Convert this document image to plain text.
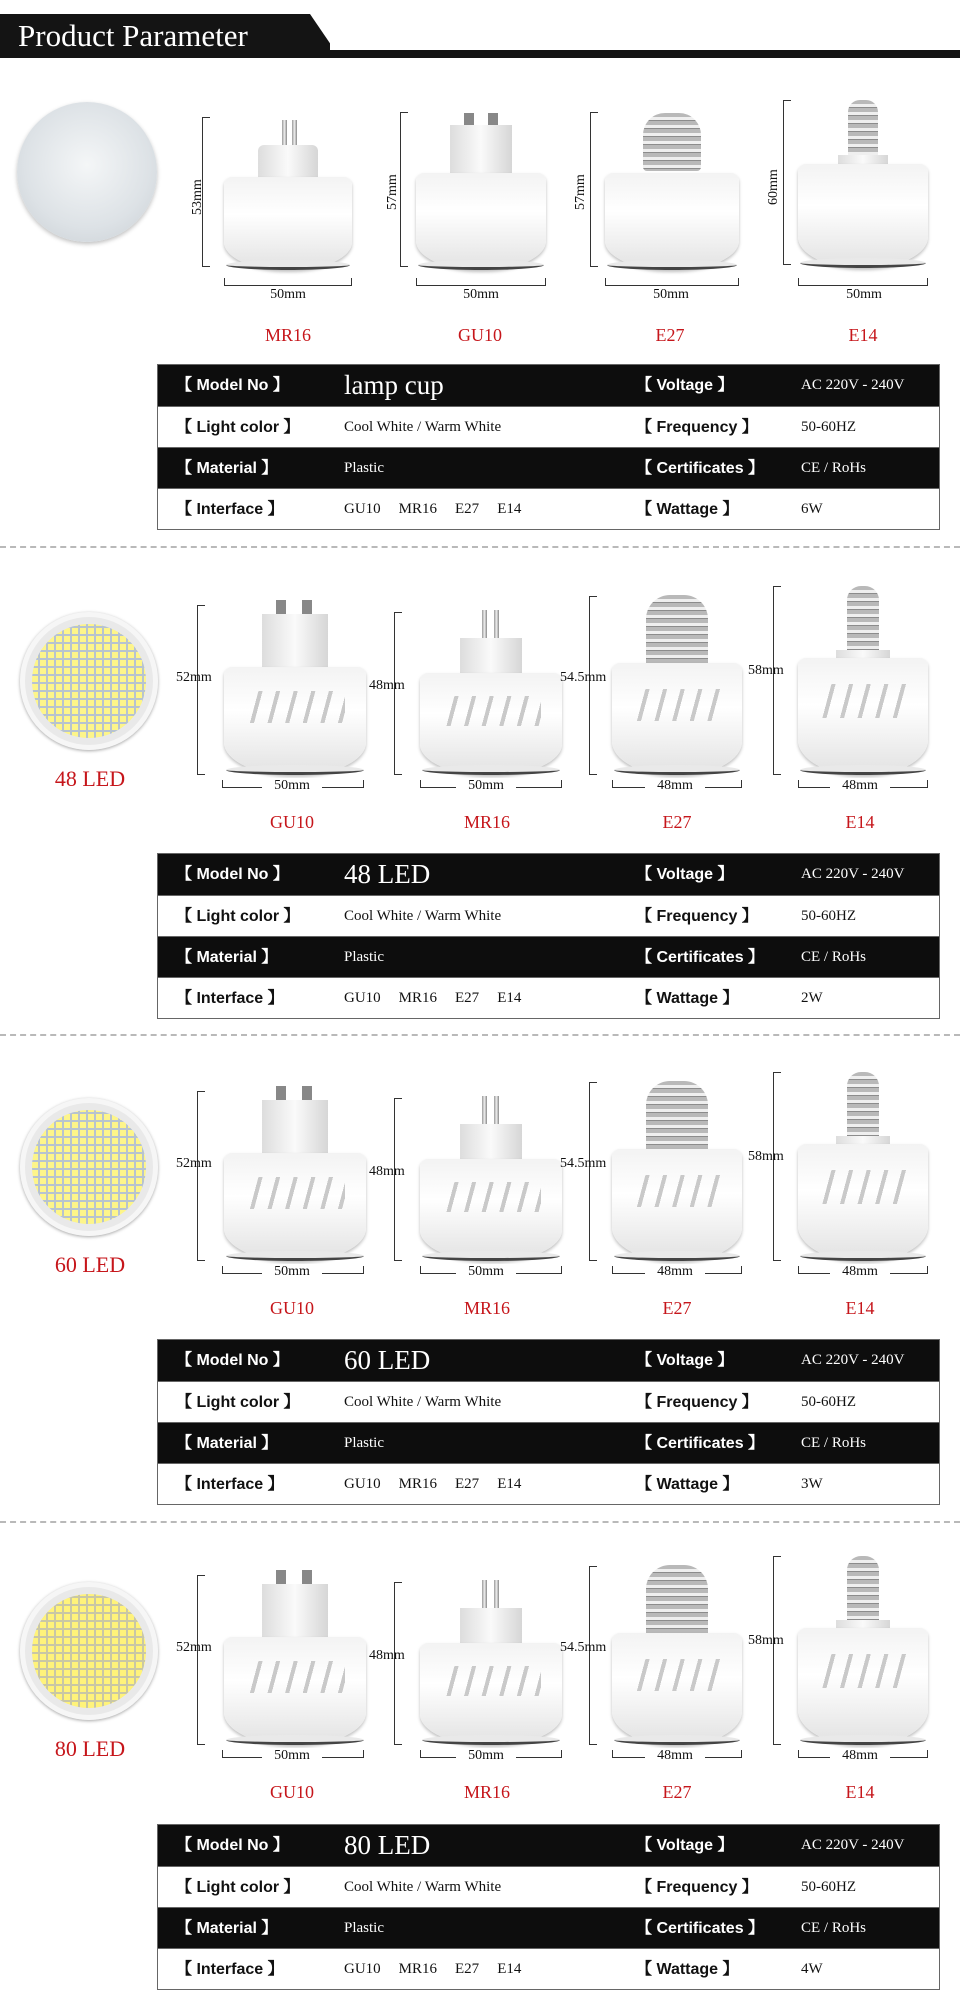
Product Parameter
53mm
50mm
MR16
57mm
50mm
GU10
57mm
50mm
E27
60mm
50mm
E14
【 Model No 】 lamp cup	【 Voltage 】	AC 220V - 240V
【 Light color 】	Cool White / Warm White	【 Frequency 】	50-60HZ
【 Material 】	Plastic	【 Certificates 】 CE / RoHs
【 Interface 】	GU10 MR16 E27 E14	【 Wattage 】	6W
48 LED
52mm
50mm
GU10
48mm
50mm
MR16
54.5mm
48mm
E27
58mm
48mm
E14
【 Model No 】 48 LED	【 Voltage 】	AC 220V - 240V
【 Light color 】	Cool White / Warm White	【 Frequency 】	50-60HZ
【 Material 】	Plastic	【 Certificates 】 CE / RoHs
【 Interface 】	GU10 MR16 E27 E14	【 Wattage 】	2W
60 LED
52mm
50mm
GU10
48mm
50mm
MR16
54.5mm
48mm
E27
58mm
48mm
E14
【 Model No 】 60 LED	【 Voltage 】	AC 220V - 240V
【 Light color 】	Cool White / Warm White	【 Frequency 】	50-60HZ
【 Material 】	Plastic	【 Certificates 】 CE / RoHs
【 Interface 】	GU10 MR16 E27 E14	【 Wattage 】	3W
80 LED
52mm
50mm
GU10
48mm
50mm
MR16
54.5mm
48mm
E27
58mm
48mm
E14
【 Model No 】 80 LED	【 Voltage 】	AC 220V - 240V
【 Light color 】	Cool White / Warm White	【 Frequency 】	50-60HZ
【 Material 】	Plastic	【 Certificates 】 CE / RoHs
【 Interface 】	GU10 MR16 E27 E14	【 Wattage 】	4W
